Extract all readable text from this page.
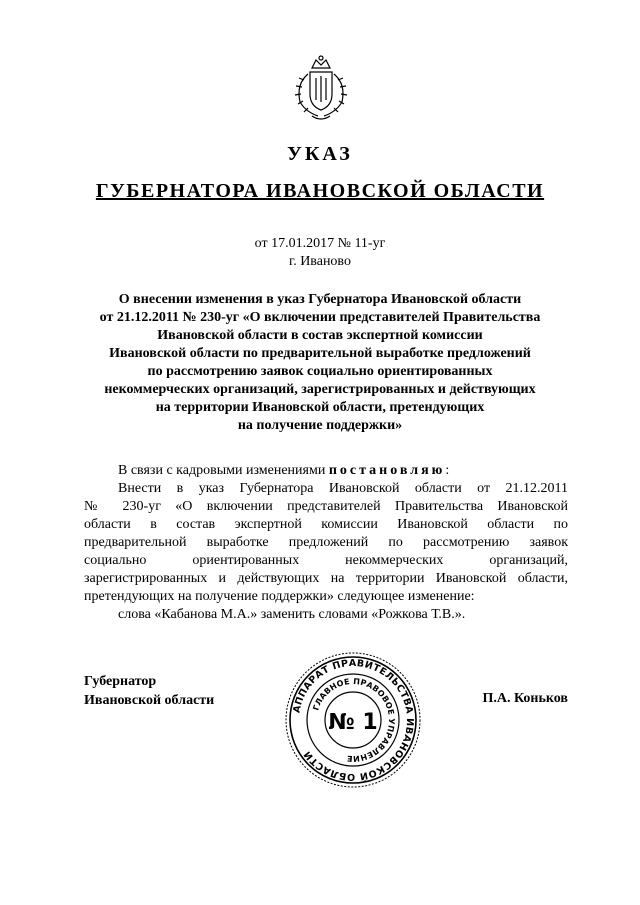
УКАЗ
ГУБЕРНАТОРА ИВАНОВСКОЙ ОБЛАСТИ
от 17.01.2017 № 11-уг
г. Иваново
О внесении изменения в указ Губернатора Ивановской области
от 21.12.2011 № 230-уг «О включении представителей Правительства
Ивановской области в состав экспертной комиссии
Ивановской области по предварительной выработке предложений
по рассмотрению заявок социально ориентированных
некоммерческих организаций, зарегистрированных и действующих
на территории Ивановской области, претендующих
на получение поддержки»
В связи с кадровыми изменениями постановляю:
Внести в указ Губернатора Ивановской области от 21.12.2011
№ 230-уг «О включении представителей Правительства Ивановской
области в состав экспертной комиссии Ивановской области по
предварительной выработке предложений по рассмотрению заявок
социально ориентированных некоммерческих организаций,
зарегистрированных и действующих на территории Ивановской области,
претендующих на получение поддержки» следующее изменение:
слова «Кабанова М.А.» заменить словами «Рожкова Т.В.».
Губернатор
Ивановской области	П.А. Коньков
АППАРАТ ПРАВИТЕЛЬСТВА ИВАНОВСКОЙ ОБЛАСТИ
ГЛАВНОЕ ПРАВОВОЕ УПРАВЛЕНИЕ
№ 1
